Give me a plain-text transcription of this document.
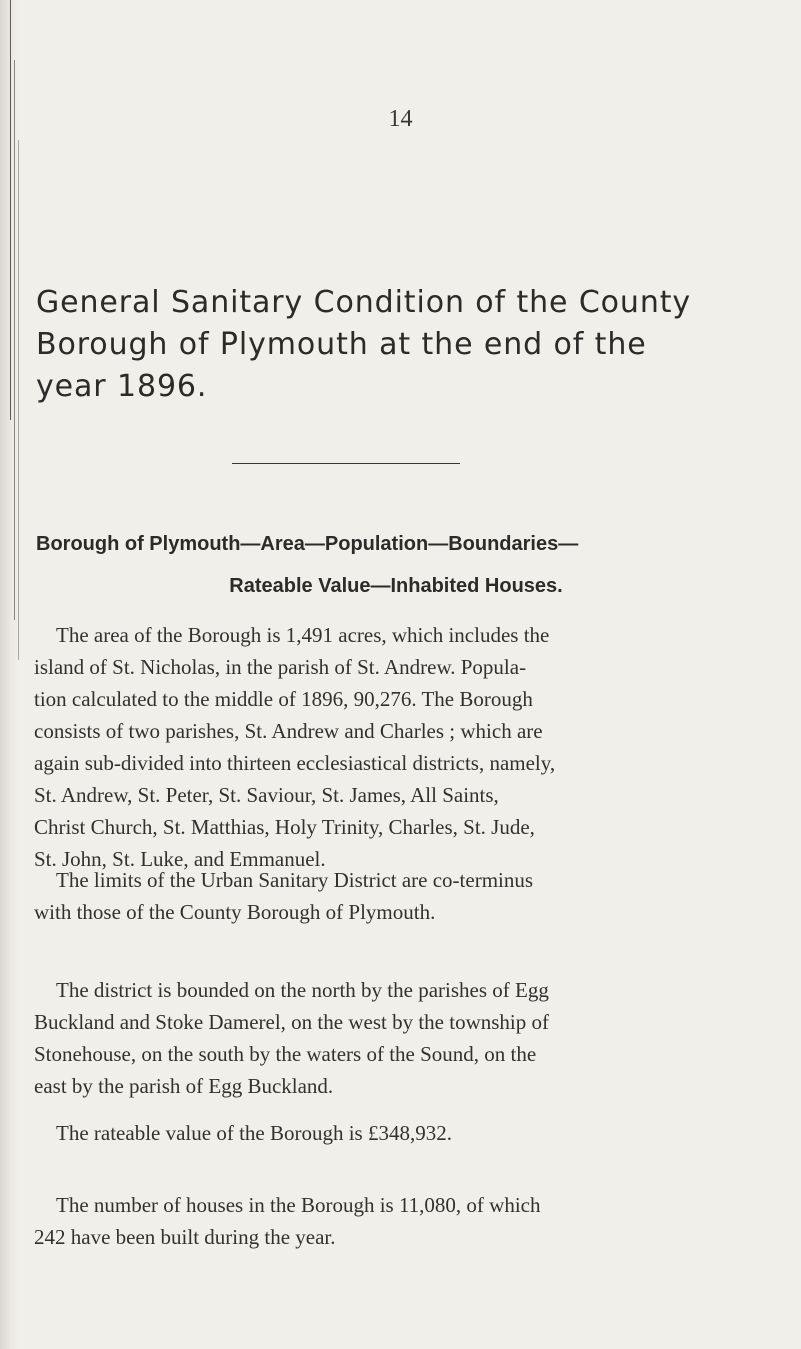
14
General Sanitary Condition of the County
Borough of Plymouth at the end of the
year 1896.
Borough of Plymouth—Area—Population—Boundaries—
Rateable Value—Inhabited Houses.

The area of the Borough is 1,491 acres, which includes the
island of St. Nicholas, in the parish of St. Andrew. Popula-
tion calculated to the middle of 1896, 90,276. The Borough
consists of two parishes, St. Andrew and Charles ; which are
again sub-divided into thirteen ecclesiastical districts, namely,
St. Andrew, St. Peter, St. Saviour, St. James, All Saints,
Christ Church, St. Matthias, Holy Trinity, Charles, St. Jude,
St. John, St. Luke, and Emmanuel.

The limits of the Urban Sanitary District are co-terminus
with those of the County Borough of Plymouth.

The district is bounded on the north by the parishes of Egg
Buckland and Stoke Damerel, on the west by the township of
Stonehouse, on the south by the waters of the Sound, on the
east by the parish of Egg Buckland.

The rateable value of the Borough is £348,932.

The number of houses in the Borough is 11,080, of which
242 have been built during the year.
